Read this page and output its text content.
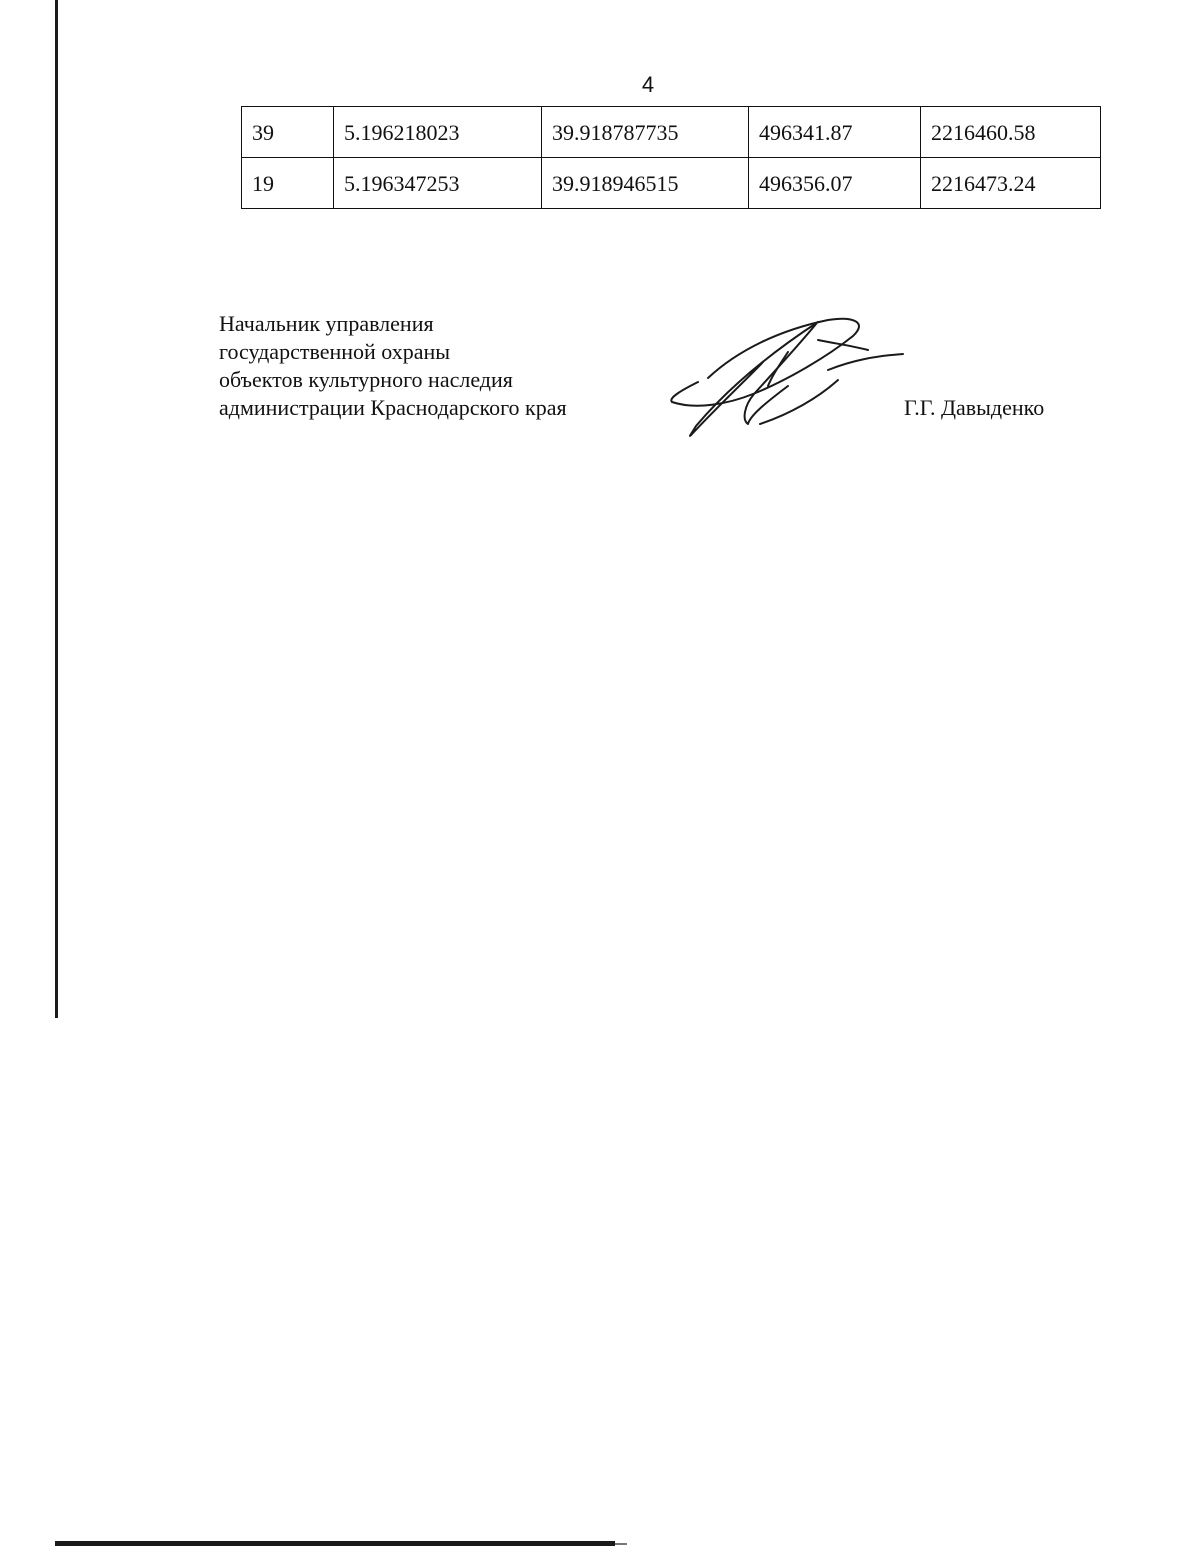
4
39	5.196218023	39.918787735	496341.87	2216460.58
19	5.196347253	39.918946515	496356.07	2216473.24
Начальник управления
государственной охраны
объектов культурного наследия
администрации Краснодарского края	Г.Г. Давыденко
